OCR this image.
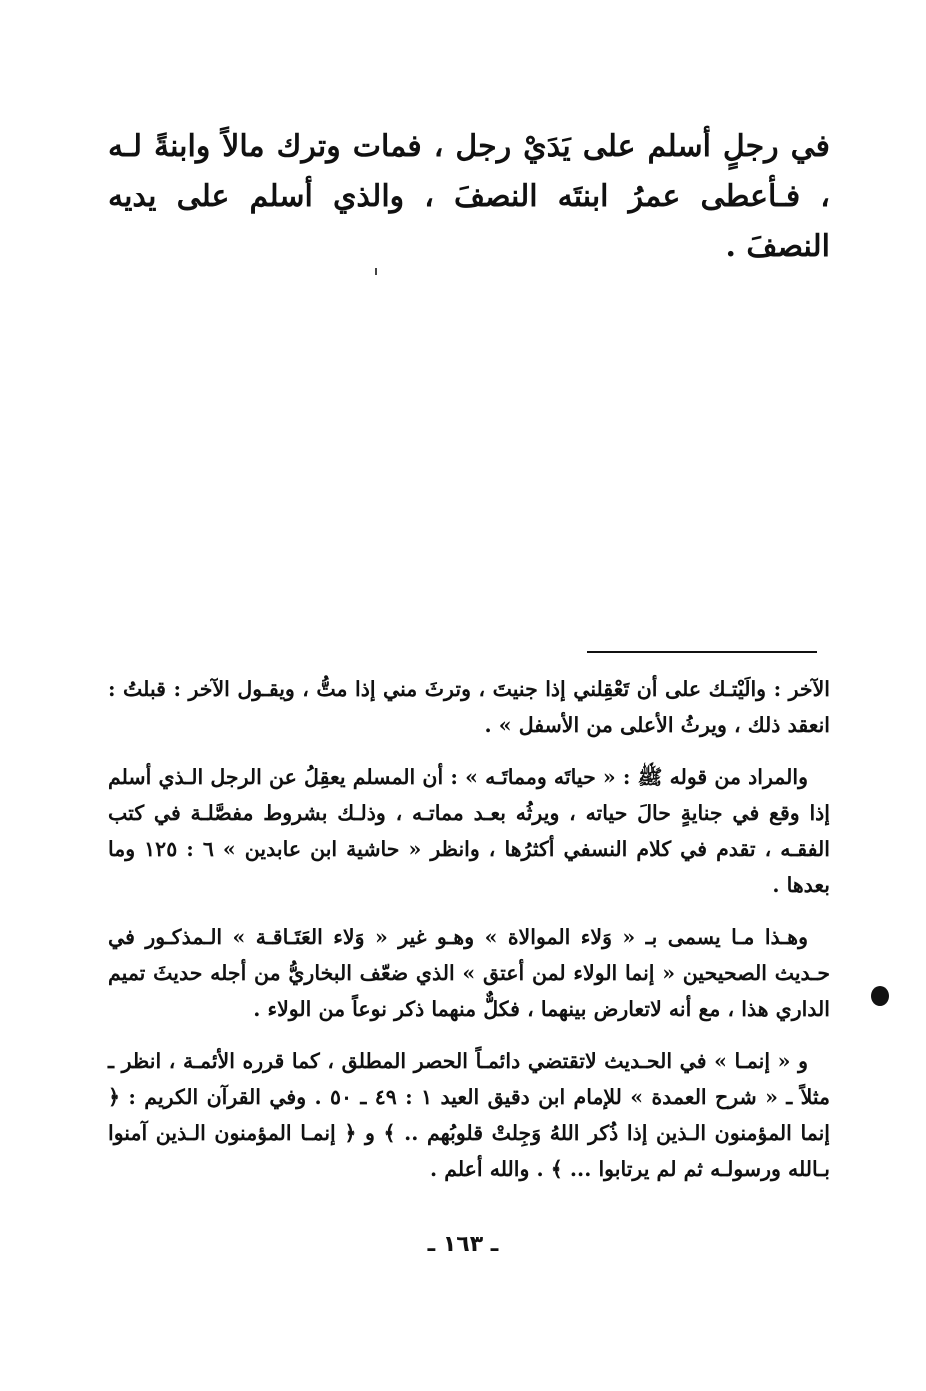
في رجلٍ أسلم على يَدَيْ رجل ، فمات وترك مالاً وابنةً لـه ، فـأعطى عمرُ ابنتَه النصفَ ، والذي أسلم على يديه النصفَ .

الآخر : والَيْتـك على أن تَعْقِلني إذا جنيتَ ، وترثَ مني إذا متُّ ، ويقـول الآخر : قبلتُ : انعقد ذلك ، ويرثُ الأعلى من الأسفل » .

والمراد من قوله ﷺ : « حياتَه ومماتَـه » : أن المسلم يعقِلُ عن الرجل الـذي أسلم إذا وقع في جنايةٍ حالَ حياته ، ويرثُه بعـد مماتـه ، وذلـك بشروط مفصَّلـة في كتب الفقـه ، تقدم في كلام النسفي أكثرُها ، وانظر « حاشية ابن عابدين » ٦ : ١٢٥ وما بعدها .

وهـذا مـا يسمى بـ « وَلاء الموالاة » وهـو غير « وَلاء العَتَـاقـة » الـمذكـور في حـديث الصحيحين « إنما الولاء لمن أعتق » الذي ضعّف البخاريُّ من أجله حديثَ تميم الداري هذا ، مع أنه لاتعارض بينهما ، فكلٌّ منهما ذكر نوعاً من الولاء .

و « إنمـا » في الحـديث لاتقتضي دائمـاً الحصر المطلق ، كما قرره الأئمـة ، انظر ـ مثلاً ـ « شرح العمدة » للإمام ابن دقيق العيد ١ : ٤٩ ـ ٥٠ . وفي القرآن الكريم : ﴿ إنما المؤمنون الـذين إذا ذُكر اللهُ وَجِلتْ قلوبُهم .. ﴾ و ﴿ إنمـا المؤمنون الـذين آمنوا بـالله ورسولـه ثم لم يرتابوا ... ﴾ . والله أعلم .

ـ ١٦٣ ـ
